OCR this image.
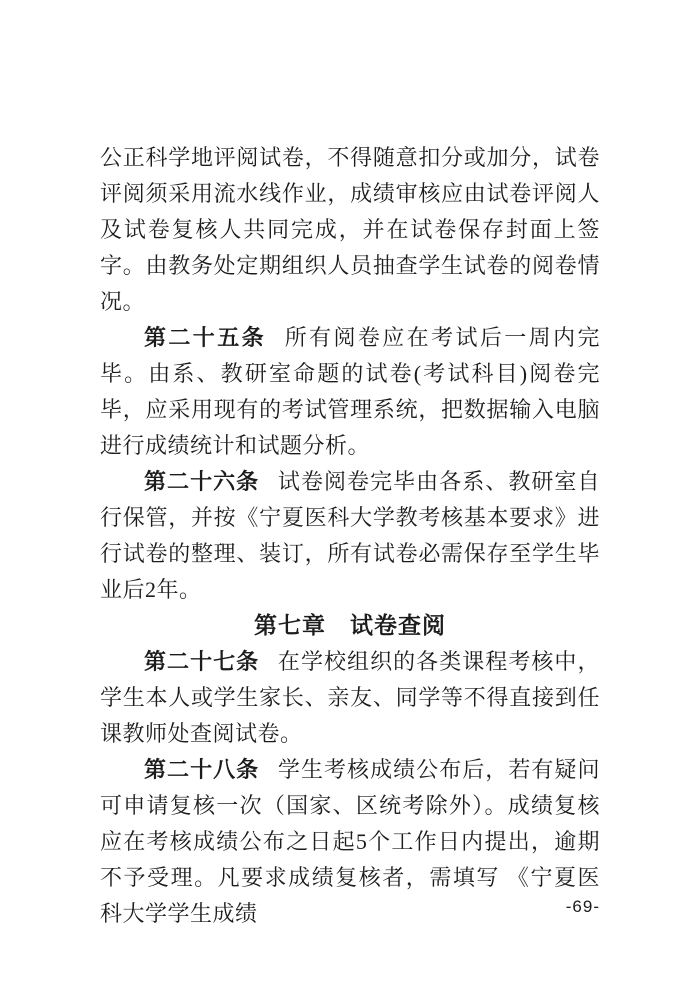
公正科学地评阅试卷，不得随意扣分或加分，试卷评阅须采用流水线作业，成绩审核应由试卷评阅人及试卷复核人共同完成，并在试卷保存封面上签字。由教务处定期组织人员抽查学生试卷的阅卷情况。

第二十五条 所有阅卷应在考试后一周内完毕。由系、教研室命题的试卷(考试科目)阅卷完毕，应采用现有的考试管理系统，把数据输入电脑进行成绩统计和试题分析。

第二十六条 试卷阅卷完毕由各系、教研室自行保管，并按《宁夏医科大学教考核基本要求》进行试卷的整理、装订，所有试卷必需保存至学生毕业后2年。

第七章　试卷查阅

第二十七条 在学校组织的各类课程考核中，学生本人或学生家长、亲友、同学等不得直接到任课教师处查阅试卷。

第二十八条 学生考核成绩公布后，若有疑问可申请复核一次（国家、区统考除外）。成绩复核应在考核成绩公布之日起5个工作日内提出，逾期不予受理。凡要求成绩复核者，需填写 《宁夏医科大学学生成绩	-69-
